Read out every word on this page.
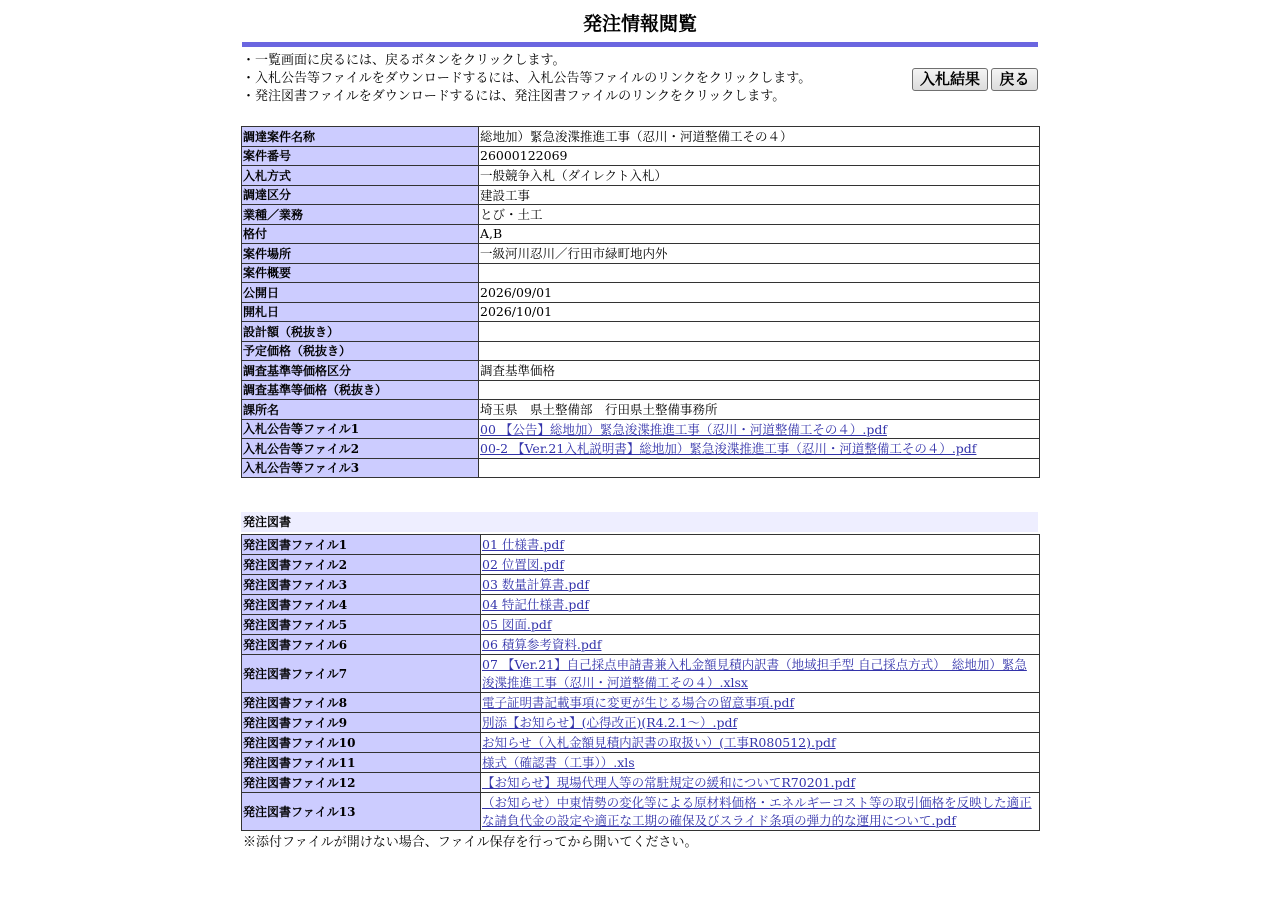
発注情報閲覧
・一覧画面に戻るには、戻るボタンをクリックします。
・入札公告等ファイルをダウンロードするには、入札公告等ファイルのリンクをクリックします。
・発注図書ファイルをダウンロードするには、発注図書ファイルのリンクをクリックします。
入札結果	戻る
調達案件名称	総地加）緊急浚渫推進工事（忍川・河道整備工その４）
案件番号	26000122069
入札方式	一般競争入札（ダイレクト入札）
調達区分	建設工事
業種／業務	とび・土工
格付	A,B
案件場所	一級河川忍川／行田市緑町地内外
案件概要	
公開日	2026/09/01
開札日	2026/10/01
設計額（税抜き）	
予定価格（税抜き）	
調査基準等価格区分	調査基準価格
調査基準等価格（税抜き）	
課所名	埼玉県　県土整備部　行田県土整備事務所
入札公告等ファイル1	00 【公告】総地加）緊急浚渫推進工事（忍川・河道整備工その４）.pdf
入札公告等ファイル2	00-2 【Ver.21入札説明書】総地加）緊急浚渫推進工事（忍川・河道整備工その４）.pdf
入札公告等ファイル3	
発注図書
発注図書ファイル1	01 仕様書.pdf
発注図書ファイル2	02 位置図.pdf
発注図書ファイル3	03 数量計算書.pdf
発注図書ファイル4	04 特記仕様書.pdf
発注図書ファイル5	05 図面.pdf
発注図書ファイル6	06 積算参考資料.pdf
発注図書ファイル7	07 【Ver.21】自己採点申請書兼入札金額見積内訳書（地域担手型 自己採点方式）　総地加）緊急浚渫推進工事（忍川・河道整備工その４）.xlsx
発注図書ファイル8	電子証明書記載事項に変更が生じる場合の留意事項.pdf
発注図書ファイル9	別添【お知らせ】(心得改正)(R4.2.1～）.pdf
発注図書ファイル10	お知らせ（入札金額見積内訳書の取扱い）(工事R080512).pdf
発注図書ファイル11	様式（確認書（工事））.xls
発注図書ファイル12	【お知らせ】現場代理人等の常駐規定の緩和についてR70201.pdf
発注図書ファイル13	（お知らせ）中東情勢の変化等による原材料価格・エネルギーコスト等の取引価格を反映した適正な請負代金の設定や適正な工期の確保及びスライド条項の弾力的な運用について.pdf
※添付ファイルが開けない場合、ファイル保存を行ってから開いてください。
